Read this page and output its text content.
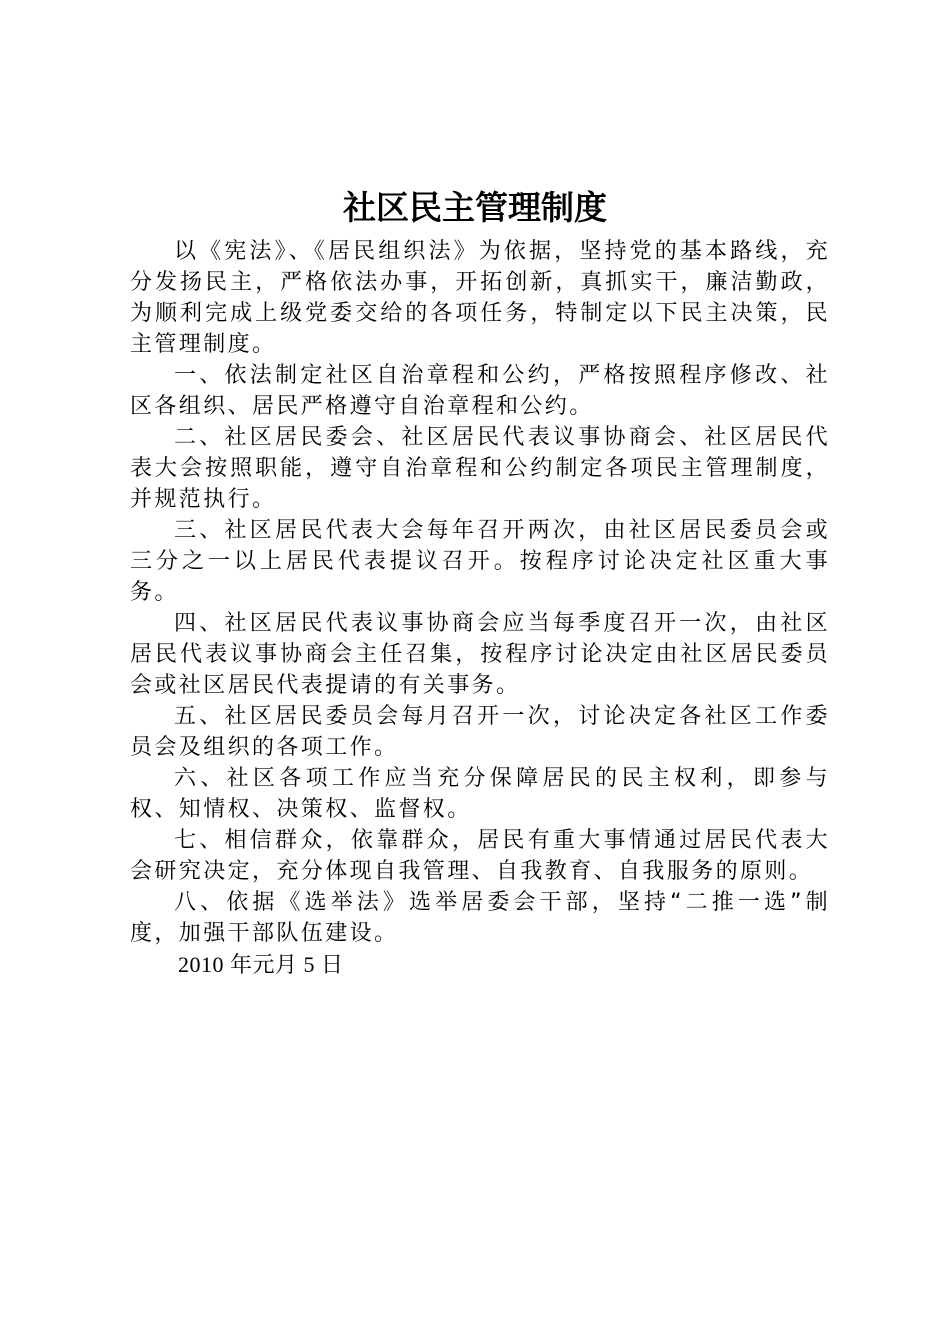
社区民主管理制度

以《宪法》、《居民组织法》为依据，坚持党的基本路线，充分发扬民主，严格依法办事，开拓创新，真抓实干，廉洁勤政，为顺利完成上级党委交给的各项任务，特制定以下民主决策，民主管理制度。

一、依法制定社区自治章程和公约，严格按照程序修改、社区各组织、居民严格遵守自治章程和公约。

二、社区居民委会、社区居民代表议事协商会、社区居民代表大会按照职能，遵守自治章程和公约制定各项民主管理制度，并规范执行。

三、社区居民代表大会每年召开两次，由社区居民委员会或三分之一以上居民代表提议召开。按程序讨论决定社区重大事务。

四、社区居民代表议事协商会应当每季度召开一次，由社区居民代表议事协商会主任召集，按程序讨论决定由社区居民委员会或社区居民代表提请的有关事务。

五、社区居民委员会每月召开一次，讨论决定各社区工作委员会及组织的各项工作。

六、社区各项工作应当充分保障居民的民主权利，即参与权、知情权、决策权、监督权。

七、相信群众，依靠群众，居民有重大事情通过居民代表大会研究决定，充分体现自我管理、自我教育、自我服务的原则。

八、依据《选举法》选举居委会干部，坚持“二推一选”制度，加强干部队伍建设。

2010 年元月 5 日
